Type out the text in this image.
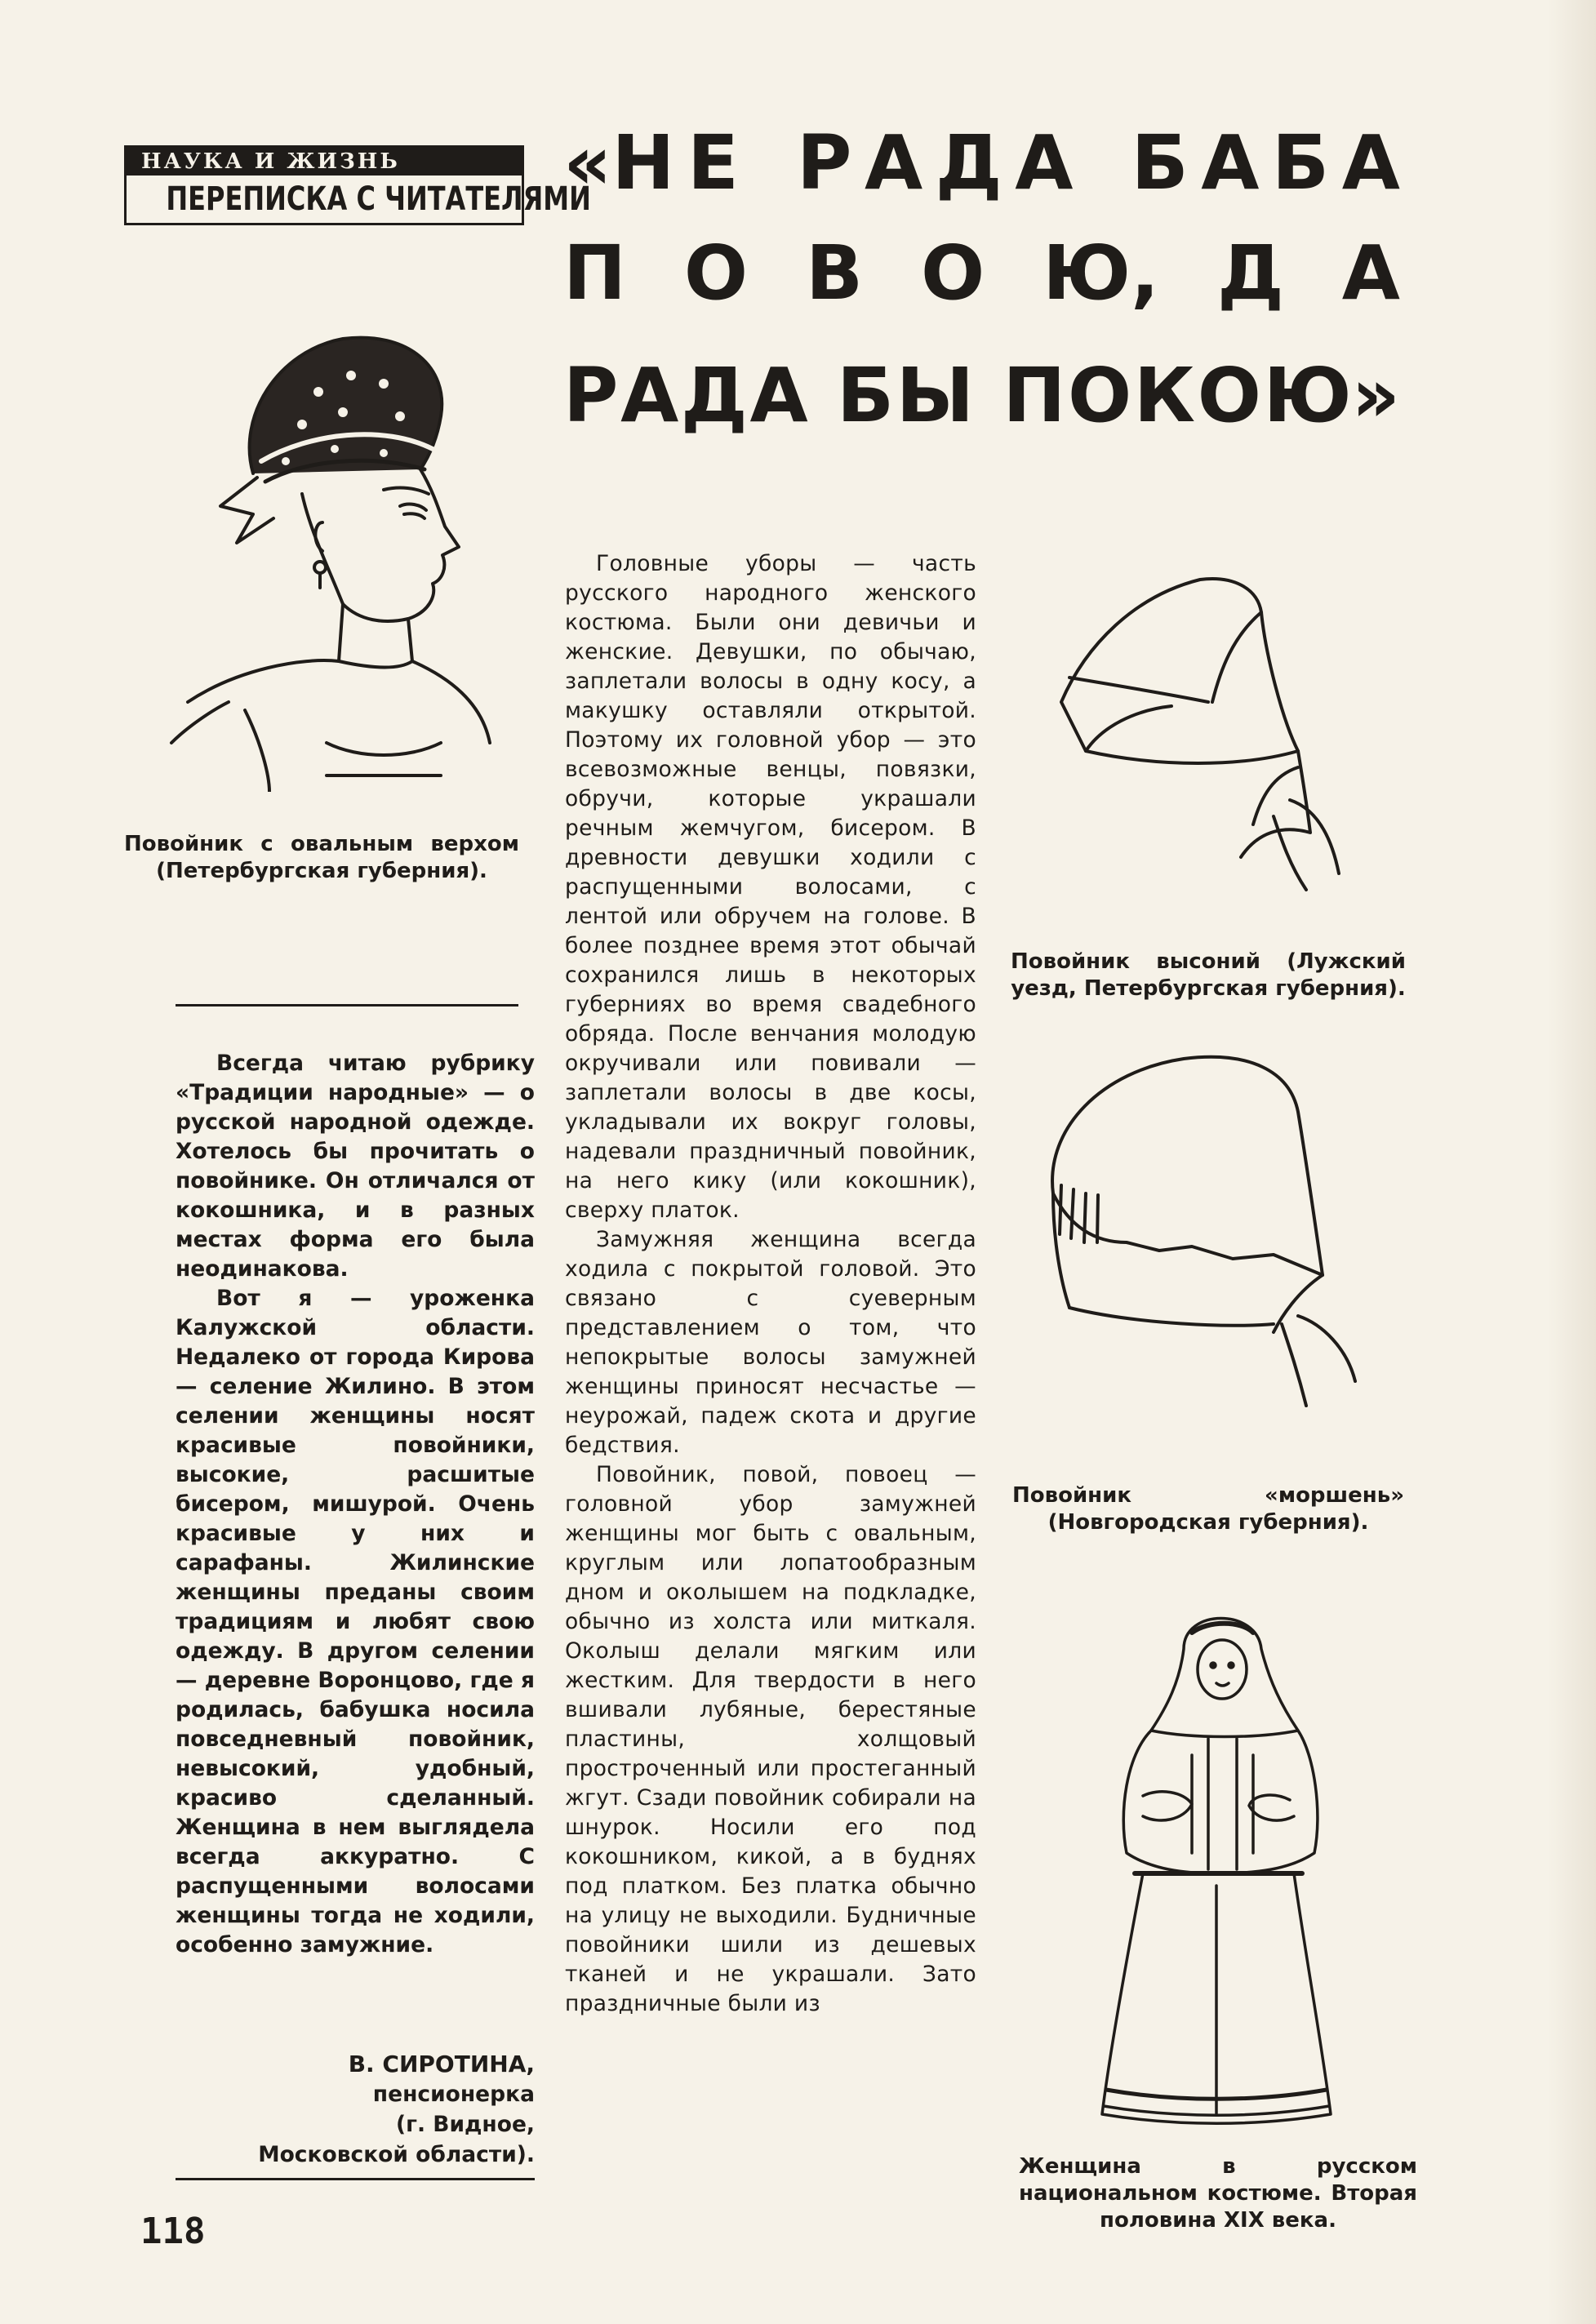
НАУКА И ЖИЗНЬ
ПЕРЕПИСКА С ЧИТАТЕЛЯМИ
«Н Е Р А Д А Б А Б А
П О В О Ю, Д А
Р А Д А Б Ы П О К О Ю»
Повойник с овальным верхом (Петербургская губерния).
Повойник высоний (Лужский уезд, Петербургская губерния).
Повойник «моршень» (Новгородская губерния).
Женщина в русском национальном костюме. Вторая половина XIX века.

Всегда читаю рубрику «Традиции народные» — о русской народной одежде. Хотелось бы прочитать о повойнике. Он отличался от кокошника, и в разных местах форма его была неодинакова.

Вот я — уроженка Калужской области. Недалеко от города Кирова — селение Жилино. В этом селении женщины носят красивые повойники, высокие, расшитые бисером, мишурой. Очень красивые у них и сарафаны. Жилинские женщины преданы своим традициям и любят свою одежду. В другом селении — деревне Воронцово, где я родилась, бабушка носила повседневный повойник, невысокий, удобный, красиво сделанный. Женщина в нем выглядела всегда аккуратно. С распущенными волосами женщины тогда не ходили, особенно замужние.

В. СИРОТИНА,
пенсионерка
(г. Видное,
Московской области).

Головные уборы — часть русского народного женского костюма. Были они девичьи и женские. Девушки, по обычаю, заплетали волосы в одну косу, а макушку оставляли открытой. Поэтому их головной убор — это всевозможные венцы, повязки, обручи, которые украшали речным жемчугом, бисером. В древности девушки ходили с распущенными волосами, с лентой или обручем на голове. В более позднее время этот обычай сохранился лишь в некоторых губерниях во время свадебного обряда. После венчания молодую окручивали или повивали — заплетали волосы в две косы, укладывали их вокруг головы, надевали праздничный повойник, на него кику (или кокошник), сверху платок.

Замужняя женщина всегда ходила с покрытой головой. Это связано с суеверным представлением о том, что непокрытые волосы замужней женщины приносят несчастье — неурожай, падеж скота и другие бедствия.

Повойник, повой, повоец — головной убор замужней женщины мог быть с овальным, круглым или лопатообразным дном и околышем на подкладке, обычно из холста или миткаля. Околыш делали мягким или жестким. Для твердости в него вшивали лубяные, берестяные пластины, холщовый простроченный или простеганный жгут. Сзади повойник собирали на шнурок. Носили его под кокошником, кикой, а в буднях под платком. Без платка обычно на улицу не выходили. Будничные повойники шили из дешевых тканей и не украшали. Зато праздничные были из

118
